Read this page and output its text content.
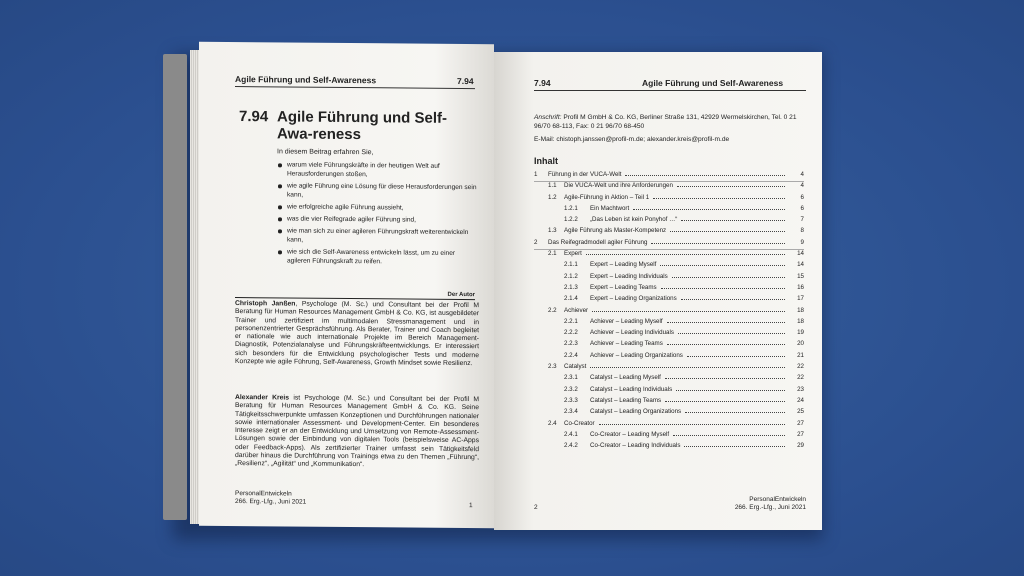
Agile Führung und Self-Awareness	7.94
7.94 Agile Führung und Self-Awa-reness
In diesem Beitrag erfahren Sie,
warum viele Führungskräfte in der heutigen Welt auf Herausforderungen stoßen,
wie agile Führung eine Lösung für diese Herausforderungen sein kann,
wie erfolgreiche agile Führung aussieht,
was die vier Reifegrade agiler Führung sind,
wie man sich zu einer agileren Führungskraft weiterentwickeln kann,
wie sich die Self-Awareness entwickeln lässt, um zu einer agileren Führungskraft zu reifen.
Der Autor
Christoph Janßen, Psychologe (M. Sc.) und Consultant bei der Profil M Beratung für Human Resources Management GmbH & Co. KG, ist ausgebildeter Trainer und zertifiziert im multimodalen Stressmanagement und in personenzentrierter Gesprächsführung. Als Berater, Trainer und Coach begleitet er nationale wie auch internationale Projekte im Bereich Management- Diagnostik, Potenzialanalyse und Führungskräfteentwicklungs. Er interessiert sich besonders für die Entwicklung psychologischer Tests und moderne Konzepte wie agile Führung, Self-Awareness, Growth Mindset sowie Resilienz.
Alexander Kreis ist Psychologe (M. Sc.) und Consultant bei der Profil M Beratung für Human Resources Management GmbH & Co. KG. Seine Tätigkeitsschwerpunkte umfassen Konzeptionen und Durchführungen nationaler sowie internationaler Assessment- und Development-Center. Ein besonderes Interesse zeigt er an der Entwicklung und Umsetzung von Remote-Assessment-Lösungen sowie der Einbindung von digitalen Tools (beispielsweise AC-Apps oder Feedback-Apps). Als zertifizierter Trainer umfasst sein Tätigkeitsfeld darüber hinaus die Durchführung von Trainings etwa zu den Themen „Führung“, „Resilienz“, „Agilität“ und „Kommunikation“.
PersonalEntwickeln
266. Erg.-Lfg., Juni 2021	1
7.94	Agile Führung und Self-Awareness
Anschrift: Profil M GmbH & Co. KG, Berliner Straße 131, 42929 Wermelskirchen, Tel. 0 21 96/70 68-113, Fax: 0 21 96/70 68-450
E-Mail: chistoph.janssen@profil-m.de; alexander.kreis@profil-m.de
Inhalt
1	Führung in der VUCA-Welt	4
1.1	Die VUCA-Welt und ihre Anforderungen	4
1.2	Agile-Führung in Aktion – Teil 1	6
1.2.1	Ein Machtwort	6
1.2.2	„Das Leben ist kein Ponyhof …“	7
1.3	Agile Führung als Master-Kompetenz	8
2	Das Reifegradmodell agiler Führung	9
2.1	Expert	14
2.1.1	Expert – Leading Myself	14
2.1.2	Expert – Leading Individuals	15
2.1.3	Expert – Leading Teams	16
2.1.4	Expert – Leading Organizations	17
2.2	Achiever	18
2.2.1	Achiever – Leading Myself	18
2.2.2	Achiever – Leading Individuals	19
2.2.3	Achiever – Leading Teams	20
2.2.4	Achiever – Leading Organizations	21
2.3	Catalyst	22
2.3.1	Catalyst – Leading Myself	22
2.3.2	Catalyst – Leading Individuals	23
2.3.3	Catalyst – Leading Teams	24
2.3.4	Catalyst – Leading Organizations	25
2.4	Co-Creator	27
2.4.1	Co-Creator – Leading Myself	27
2.4.2	Co-Creator – Leading Individuals	29
2
PersonalEntwickeln
266. Erg.-Lfg., Juni 2021
